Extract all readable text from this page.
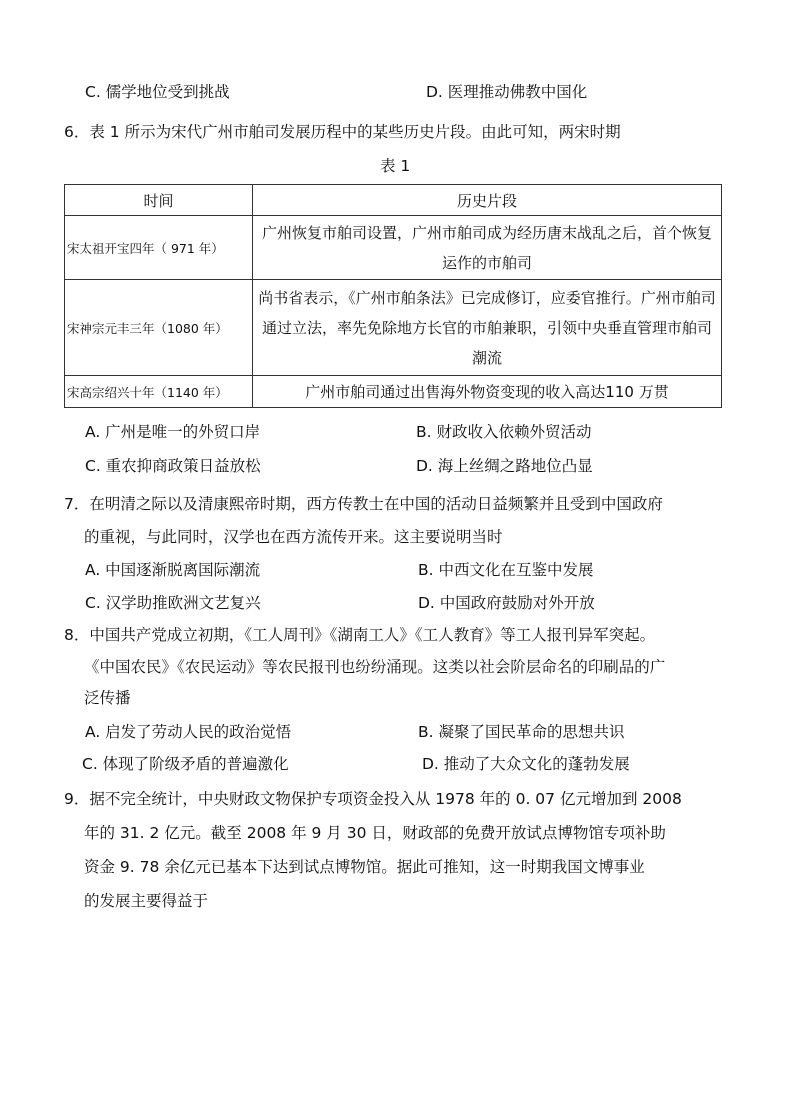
C. 儒学地位受到挑战	D. 医理推动佛教中国化
6．表 1 所示为宋代广州市舶司发展历程中的某些历史片段。由此可知，两宋时期
表 1
时间	历史片段
宋太祖开宝四年（ 971 年）	广州恢复市舶司设置，广州市舶司成为经历唐末战乱之后，首个恢复运作的市舶司
宋神宗元丰三年（1080 年）	尚书省表示，《广州市舶条法》已完成修订，应委官推行。广州市舶司通过立法，率先免除地方长官的市舶兼职，引领中央垂直管理市舶司潮流
宋高宗绍兴十年（1140 年）	广州市舶司通过出售海外物资变现的收入高达110 万贯
A. 广州是唯一的外贸口岸	B. 财政收入依赖外贸活动
C. 重农抑商政策日益放松	D. 海上丝绸之路地位凸显
7．在明清之际以及清康熙帝时期，西方传教士在中国的活动日益频繁并且受到中国政府
的重视，与此同时，汉学也在西方流传开来。这主要说明当时
A. 中国逐渐脱离国际潮流	B. 中西文化在互鉴中发展
C. 汉学助推欧洲文艺复兴	D. 中国政府鼓励对外开放
8．中国共产党成立初期，《工人周刊》《湖南工人》《工人教育》等工人报刊异军突起。
《中国农民》《农民运动》等农民报刊也纷纷涌现。这类以社会阶层命名的印刷品的广
泛传播
A. 启发了劳动人民的政治觉悟	B. 凝聚了国民革命的思想共识
C. 体现了阶级矛盾的普遍激化	D. 推动了大众文化的蓬勃发展
9．据不完全统计，中央财政文物保护专项资金投入从 1978 年的 0. 07 亿元增加到 2008
年的 31. 2 亿元。截至 2008 年 9 月 30 日，财政部的免费开放试点博物馆专项补助
资金 9. 78 余亿元已基本下达到试点博物馆。据此可推知，这一时期我国文博事业
的发展主要得益于
